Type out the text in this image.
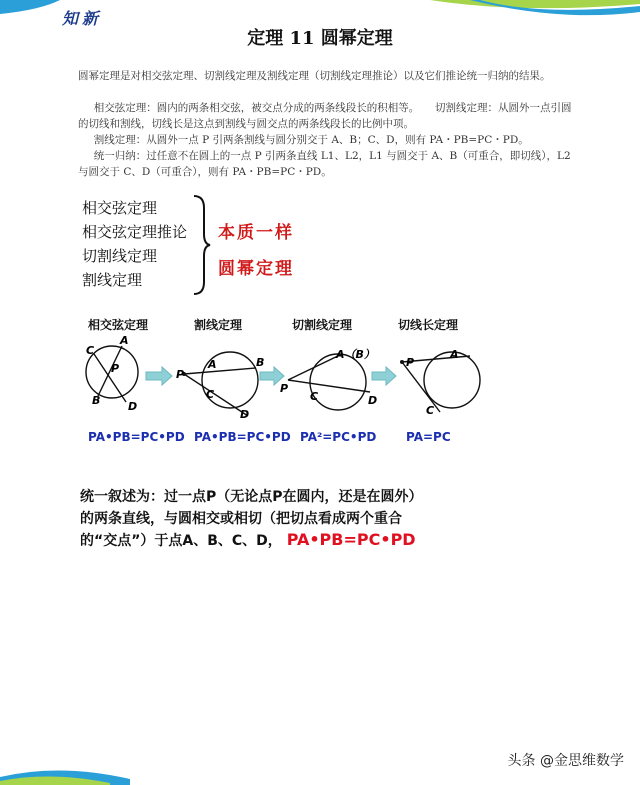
知新
定理 11 圆幂定理

圆幂定理是对相交弦定理、切割线定理及割线定理（切割线定理推论）以及它们推论统一归纳的结果。

相交弦定理：圆内的两条相交弦，被交点分成的两条线段长的积相等。　　切割线定理：从圆外一点引圆的切线和割线，切线长是这点到割线与圆交点的两条线段长的比例中项。

割线定理：从圆外一点 P 引两条割线与圆分别交于 A、B；C、D，则有 PA・PB=PC・PD。

统一归纳：过任意不在圆上的一点 P 引两条直线 L1、L2，L1 与圆交于 A、B（可重合，即切线），L2 与圆交于 C、D（可重合），则有 PA・PB=PC・PD。

相交弦定理
相交弦定理推论
切割线定理
割线定理
本质一样
圆幂定理
相交弦定理	割线定理	切割线定理	切线长定理
A
C
P
B	D
P
B
A
C
D
P
A（B）
C	D
P
A
C
PA•PB=PC•PD PA•PB=PC•PD PA²=PC•PD PA=PC
统一叙述为：过一点P（无论点P在圆内，还是在圆外）
的两条直线，与圆相交或相切（把切点看成两个重合
的“交点”）于点A、B、C、D， PA•PB=PC•PD
头条 @金思维数学
